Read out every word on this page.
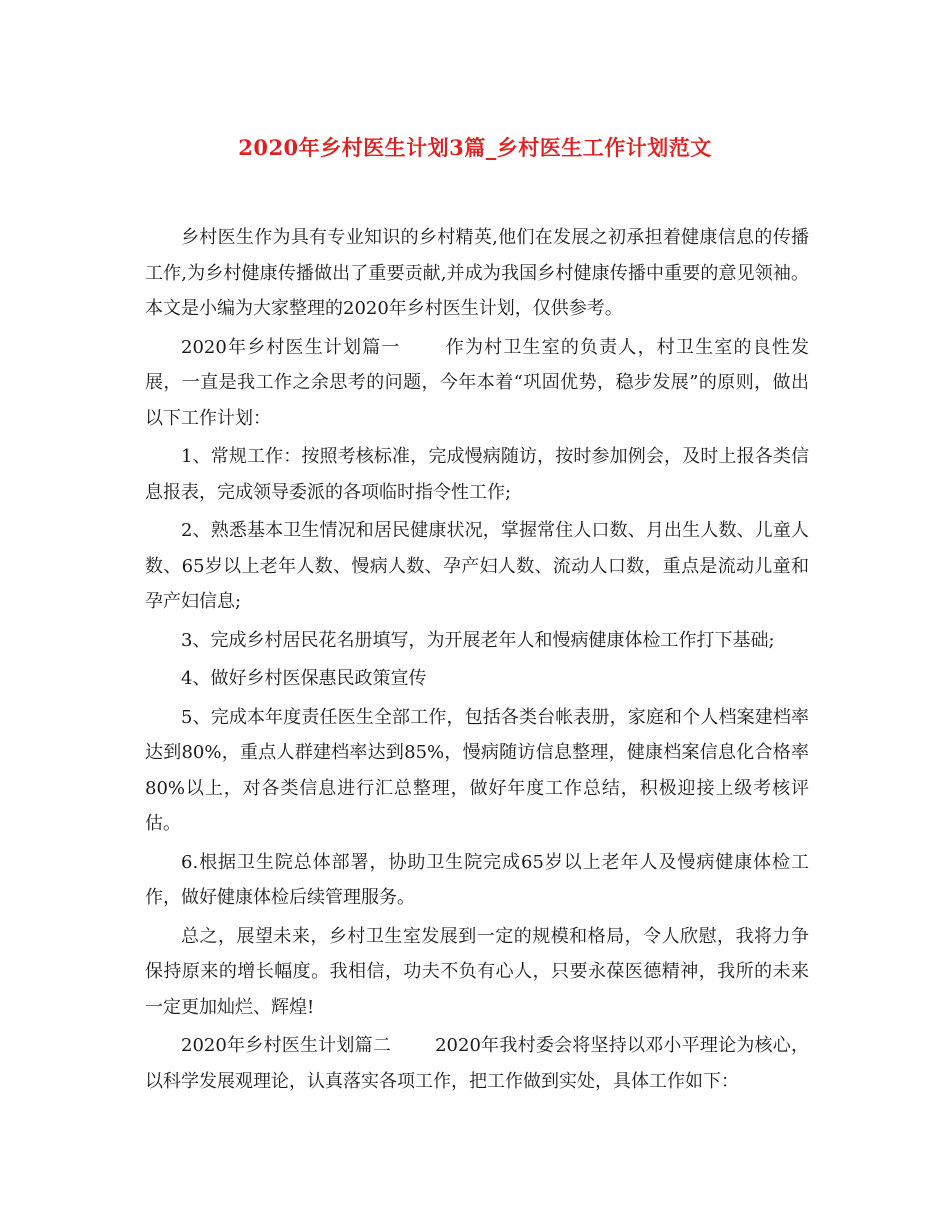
2020年乡村医生计划3篇_乡村医生工作计划范文

乡村医生作为具有专业知识的乡村精英,他们在发展之初承担着健康信息的传播工作,为乡村健康传播做出了重要贡献,并成为我国乡村健康传播中重要的意见领袖。本文是小编为大家整理的2020年乡村医生计划，仅供参考。

2020年乡村医生计划篇一 作为村卫生室的负责人，村卫生室的良性发展，一直是我工作之余思考的问题，今年本着“巩固优势，稳步发展”的原则，做出以下工作计划：

1、常规工作：按照考核标准，完成慢病随访，按时参加例会，及时上报各类信息报表，完成领导委派的各项临时指令性工作;

2、熟悉基本卫生情况和居民健康状况，掌握常住人口数、月出生人数、儿童人数、65岁以上老年人数、慢病人数、孕产妇人数、流动人口数，重点是流动儿童和孕产妇信息;

3、完成乡村居民花名册填写，为开展老年人和慢病健康体检工作打下基础;

4、做好乡村医保惠民政策宣传

5、完成本年度责任医生全部工作，包括各类台帐表册，家庭和个人档案建档率达到80%，重点人群建档率达到85%，慢病随访信息整理，健康档案信息化合格率80%以上，对各类信息进行汇总整理，做好年度工作总结，积极迎接上级考核评估。

6.根据卫生院总体部署，协助卫生院完成65岁以上老年人及慢病健康体检工作，做好健康体检后续管理服务。

总之，展望未来，乡村卫生室发展到一定的规模和格局，令人欣慰，我将力争保持原来的增长幅度。我相信，功夫不负有心人，只要永葆医德精神，我所的未来一定更加灿烂、辉煌!

2020年乡村医生计划篇二 2020年我村委会将坚持以邓小平理论为核心，以科学发展观理论，认真落实各项工作，把工作做到实处，具体工作如下：
